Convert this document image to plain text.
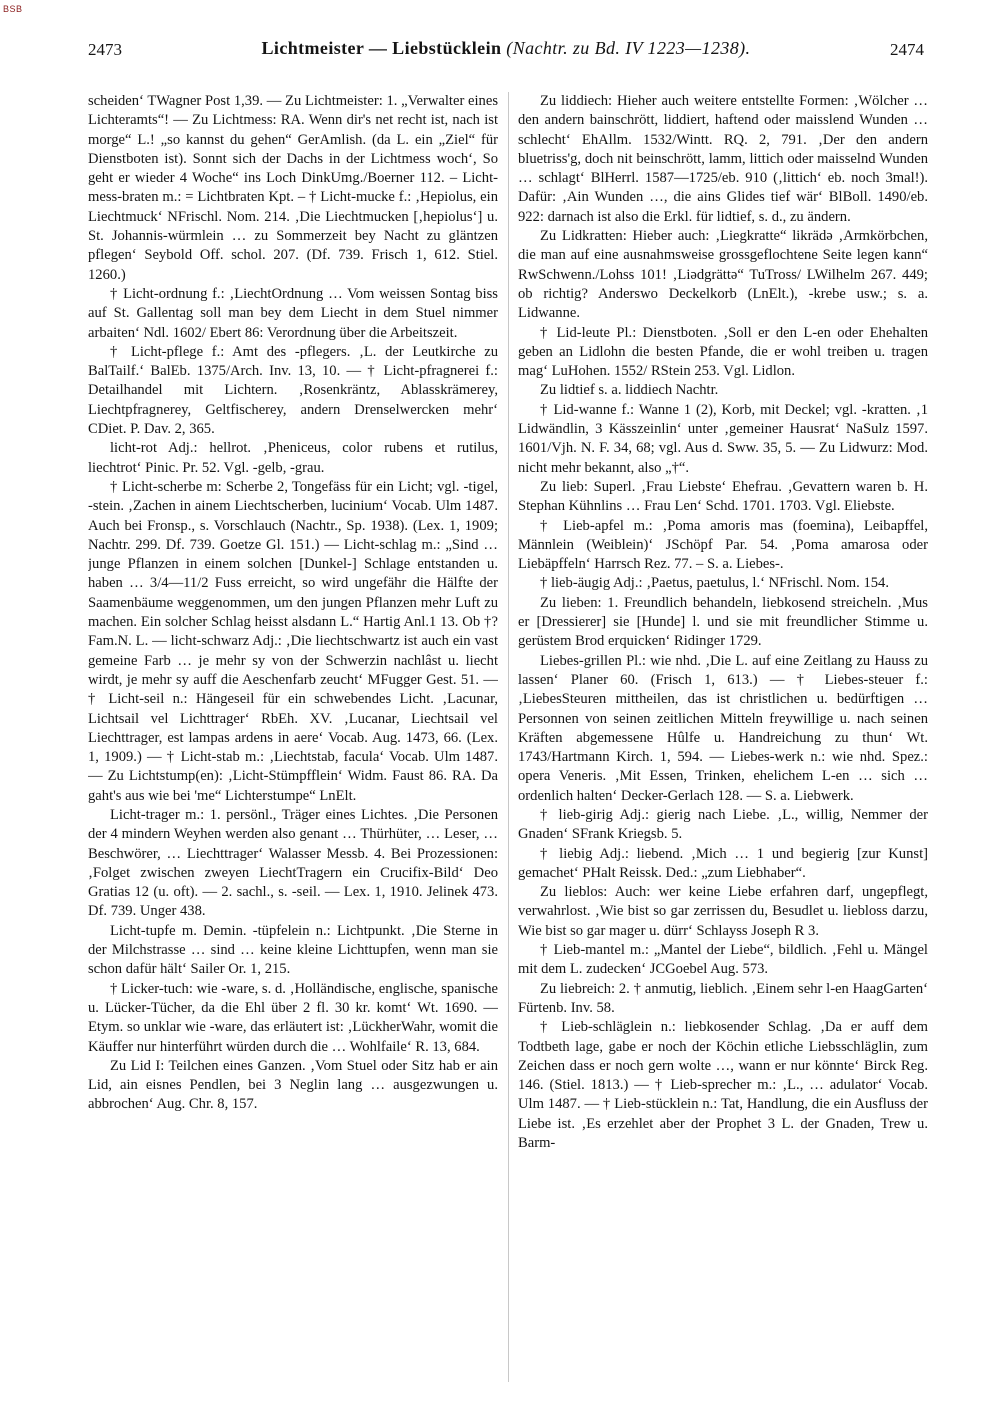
BSB
2473	Lichtmeister — Liebstücklein (Nachtr. zu Bd. IV 1223—1238).	2474

scheiden‘ TWagner Post 1,39. — Zu Lichtmeister: 1. „Verwalter eines Lichteramts“! — Zu Lichtmess: RA. Wenn dir's net recht ist, nach ist morge“ L.! „so kannst du gehen“ GerAmlish. (da L. ein „Ziel“ für Dienstboten ist). Sonnt sich der Dachs in der Lichtmess woch‘, So geht er wieder 4 Woche“ ins Loch DinkUmg./Boerner 112. – Licht-mess-braten m.: = Lichtbraten Kpt. – † Licht-mucke f.: ‚Hepiolus, ein Liechtmuck‘ NFrischl. Nom. 214. ‚Die Liechtmucken [‚hepiolus‘] u. St. Johannis-würmlein … zu Sommerzeit bey Nacht zu gläntzen pflegen‘ Seybold Off. schol. 207. (Df. 739. Frisch 1, 612. Stiel. 1260.)

† Licht-ordnung f.: ‚LiechtOrdnung … Vom weissen Sontag biss auf St. Gallentag soll man bey dem Liecht in dem Stuel nimmer arbaiten‘ Ndl. 1602/ Ebert 86: Verordnung über die Arbeitszeit.

† Licht-pflege f.: Amt des -pflegers. ‚L. der Leutkirche zu BalTailf.‘ BalEb. 1375/Arch. Inv. 13, 10. — † Licht-pfragnerei f.: Detailhandel mit Lichtern. ‚Rosenkräntz, Ablasskrämerey, Liechtpfragnerey, Geltfischerey, andern Drenselwercken mehr‘ CDiet. P. Dav. 2, 365.

licht-rot Adj.: hellrot. ‚Pheniceus, color rubens et rutilus, liechtrot‘ Pinic. Pr. 52. Vgl. -gelb, -grau.

† Licht-scherbe m: Scherbe 2, Tongefäss für ein Licht; vgl. -tigel, -stein. ‚Zachen in ainem Liechtscherben, lucinium‘ Vocab. Ulm 1487. Auch bei Fronsp., s. Vorschlauch (Nachtr., Sp. 1938). (Lex. 1, 1909; Nachtr. 299. Df. 739. Goetze Gl. 151.) — Licht-schlag m.: „Sind … junge Pflanzen in einem solchen [Dunkel-] Schlage entstanden u. haben … 3/4—11/2 Fuss erreicht, so wird ungefähr die Hälfte der Saamenbäume weggenommen, um den jungen Pflanzen mehr Luft zu machen. Ein solcher Schlag heisst alsdann L.“ Hartig Anl.1 13. Ob †? Fam.N. L. — licht-schwarz Adj.: ‚Die liechtschwartz ist auch ein vast gemeine Farb … je mehr sy von der Schwerzin nachlâst u. liecht wirdt, je mehr sy auff die Aeschenfarb zeucht‘ MFugger Gest. 51. — † Licht-seil n.: Hängeseil für ein schwebendes Licht. ‚Lacunar, Lichtsail vel Lichttrager‘ RbEh. XV. ‚Lucanar, Liechtsail vel Liechttrager, est lampas ardens in aere‘ Vocab. Aug. 1473, 66. (Lex. 1, 1909.) — † Licht-stab m.: ‚Liechtstab, facula‘ Vocab. Ulm 1487. — Zu Lichtstump(en): ‚Licht-Stümpfflein‘ Widm. Faust 86. RA. Da gaht's aus wie bei 'me“ Lichterstumpe“ LnElt.

Licht-trager m.: 1. persönl., Träger eines Lichtes. ‚Die Personen der 4 mindern Weyhen werden also genant … Thürhüter, … Leser, … Beschwörer, … Liechttrager‘ Walasser Messb. 4. Bei Prozessionen: ‚Folget zwischen zweyen LiechtTragern ein Crucifix-Bild‘ Deo Gratias 12 (u. oft). — 2. sachl., s. -seil. — Lex. 1, 1910. Jelinek 473. Df. 739. Unger 438.

Licht-tupfe m. Demin. -tüpfelein n.: Lichtpunkt. ‚Die Sterne in der Milchstrasse … sind … keine kleine Lichttupfen, wenn man sie schon dafür hält‘ Sailer Or. 1, 215.

† Licker-tuch: wie -ware, s. d. ‚Holländische, englische, spanische u. Lücker-Tücher, da die Ehl über 2 fl. 30 kr. komt‘ Wt. 1690. — Etym. so unklar wie -ware, das erläutert ist: ‚LückherWahr, womit die Käuffer nur hinterführt würden durch die … Wohlfaile‘ R. 13, 684.

Zu Lid I: Teilchen eines Ganzen. ‚Vom Stuel oder Sitz hab er ain Lid, ain eisnes Pendlen, bei 3 Neglin lang … ausgezwungen u. abbrochen‘ Aug. Chr. 8, 157.

Zu liddiech: Hieher auch weitere entstellte Formen: ‚Wölcher … den andern bainschrött, liddiert, haftend oder maisslend Wunden … schlecht‘ EhAllm. 1532/Wintt. RQ. 2, 791. ‚Der den andern bluetriss'g, doch nit beinschrött, lamm, littich oder maisselnd Wunden … schlagt‘ BlHerrl. 1587—1725/eb. 910 (‚littich‘ eb. noch 3mal!). Dafür: ‚Ain Wunden …, die ains Glides tief wär‘ BlBoll. 1490/eb. 922: darnach ist also die Erkl. für lidtief, s. d., zu ändern.

Zu Lidkratten: Hieber auch: ‚Liegkratte“ likrädə ‚Armkörbchen, die man auf eine ausnahmsweise grossgeflochtene Seite legen kann“ RwSchwenn./Lohss 101! ‚Liədgrättə“ TuTross/ LWilhelm 267. 449; ob richtig? Anderswo Deckelkorb (LnElt.), -krebe usw.; s. a. Lidwanne.

† Lid-leute Pl.: Dienstboten. ‚Soll er den L-en oder Ehehalten geben an Lidlohn die besten Pfande, die er wohl treiben u. tragen mag‘ LuHohen. 1552/ RStein 253. Vgl. Lidlon.

Zu lidtief s. a. liddiech Nachtr.

† Lid-wanne f.: Wanne 1 (2), Korb, mit Deckel; vgl. -kratten. ‚1 Lidwändlin, 3 Kässzeinlin‘ unter ‚gemeiner Hausrat‘ NaSulz 1597. 1601/Vjh. N. F. 34, 68; vgl. Aus d. Sww. 35, 5. — Zu Lidwurz: Mod. nicht mehr bekannt, also „†“.

Zu lieb: Superl. ‚Frau Liebste‘ Ehefrau. ‚Gevattern waren b. H. Stephan Kühnlins … Frau Len‘ Schd. 1701. 1703. Vgl. Eliebste.

† Lieb-apfel m.: ‚Poma amoris mas (foemina), Leibapffel, Männlein (Weiblein)‘ JSchöpf Par. 54. ‚Poma amarosa oder Liebäpffeln‘ Harrsch Rez. 77. – S. a. Liebes-.

† lieb-äugig Adj.: ‚Paetus, paetulus, l.‘ NFrischl. Nom. 154.

Zu lieben: 1. Freundlich behandeln, liebkosend streicheln. ‚Mus er [Dressierer] sie [Hunde] l. und sie mit freundlicher Stimme u. gerüstem Brod erquicken‘ Ridinger 1729.

Liebes-grillen Pl.: wie nhd. ‚Die L. auf eine Zeitlang zu Hauss zu lassen‘ Planer 60. (Frisch 1, 613.) — † Liebes-steuer f.: ‚LiebesSteuren mittheilen, das ist christlichen u. bedürftigen … Personnen von seinen zeitlichen Mitteln freywillige u. nach seinen Kräften abgemessene Hûlfe u. Handreichung zu thun‘ Wt. 1743/Hartmann Kirch. 1, 594. — Liebes-werk n.: wie nhd. Spez.: opera Veneris. ‚Mit Essen, Trinken, ehelichem L-en … sich … ordenlich halten‘ Decker-Gerlach 128. — S. a. Liebwerk.

† lieb-girig Adj.: gierig nach Liebe. ‚L., willig, Nemmer der Gnaden‘ SFrank Kriegsb. 5.

† liebig Adj.: liebend. ‚Mich … 1 und begierig [zur Kunst] gemachet‘ PHalt Reissk. Ded.: „zum Liebhaber“.

Zu lieblos: Auch: wer keine Liebe erfahren darf, ungepflegt, verwahrlost. ‚Wie bist so gar zerrissen du, Besudlet u. liebloss darzu, Wie bist so gar mager u. dürr‘ Schlayss Joseph R 3.

† Lieb-mantel m.: „Mantel der Liebe“, bildlich. ‚Fehl u. Mängel mit dem L. zudecken‘ JCGoebel Aug. 573.

Zu liebreich: 2. † anmutig, lieblich. ‚Einem sehr l-en HaagGarten‘ Fürtenb. Inv. 58.

† Lieb-schläglein n.: liebkosender Schlag. ‚Da er auff dem Todtbeth lage, gabe er noch der Köchin etliche Liebsschläglin, zum Zeichen dass er noch gern wolte …, wann er nur könnte‘ Birck Reg. 146. (Stiel. 1813.) — † Lieb-sprecher m.: ‚L., … adulator‘ Vocab. Ulm 1487. — † Lieb-stücklein n.: Tat, Handlung, die ein Ausfluss der Liebe ist. ‚Es erzehlet aber der Prophet 3 L. der Gnaden, Trew u. Barm-
